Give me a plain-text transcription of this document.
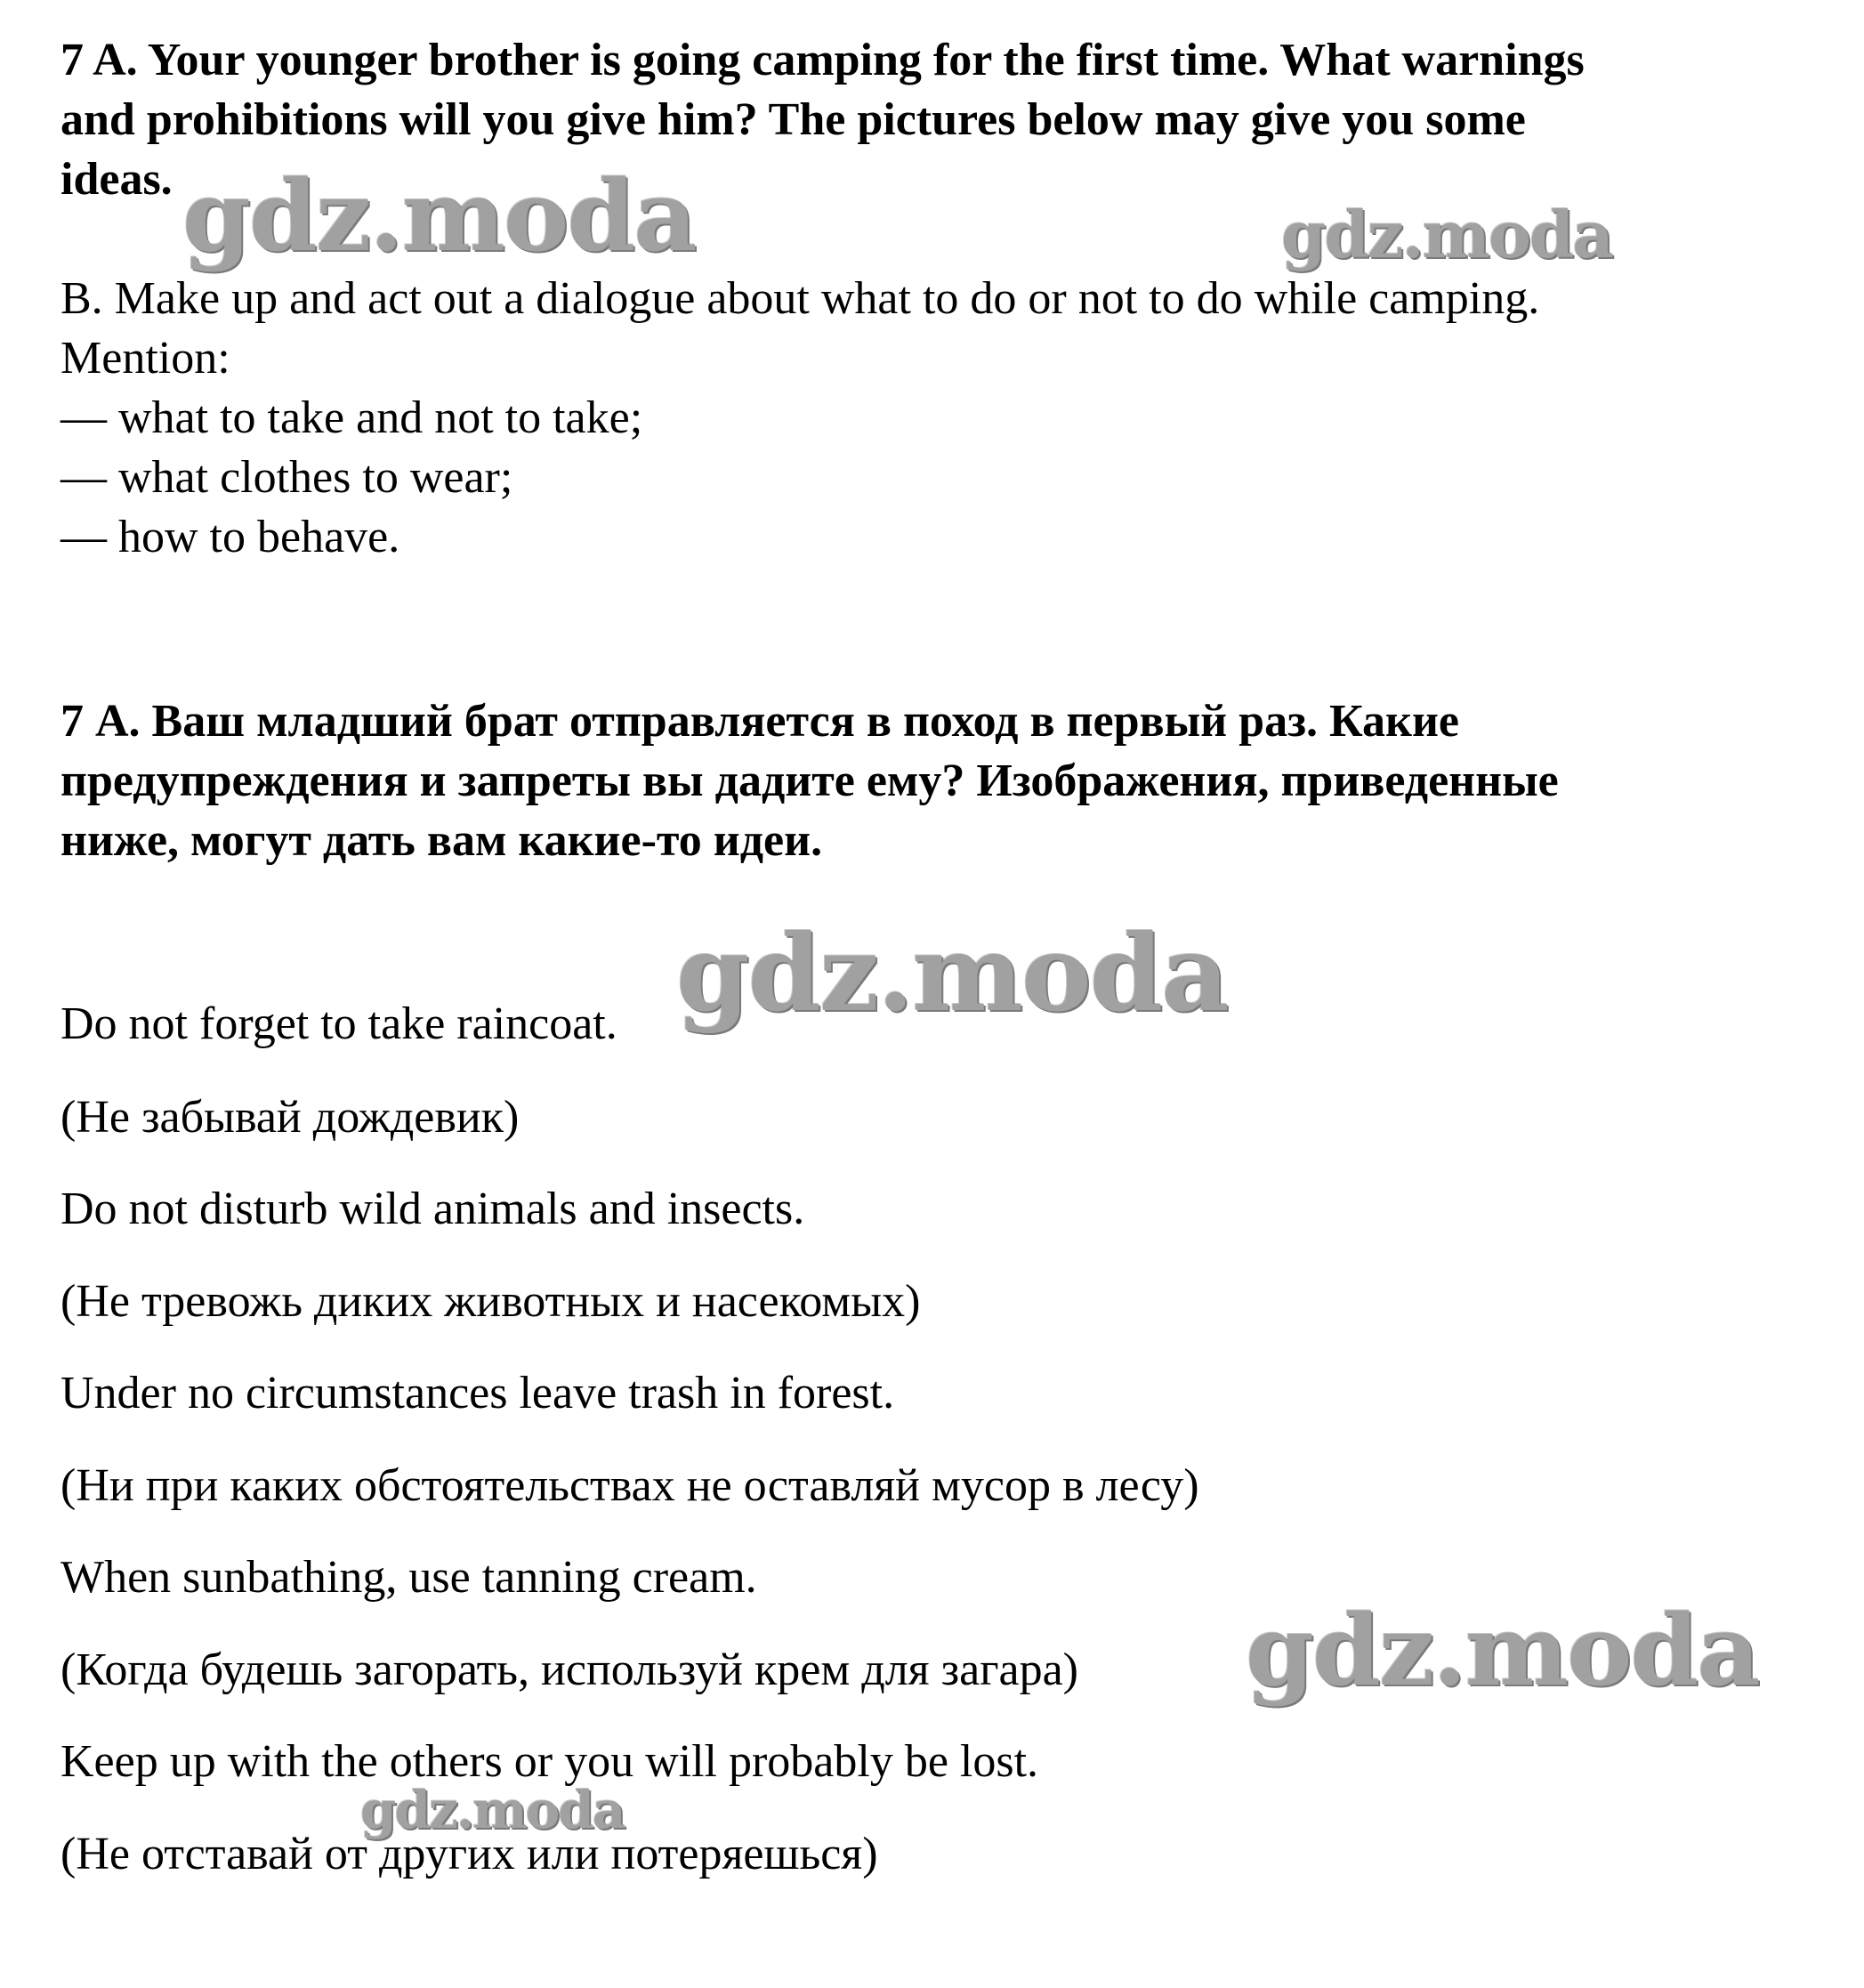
7 A. Your younger brother is going camping for the first time. What warnings
and prohibitions will you give him? The pictures below may give you some
ideas.
B. Make up and act out a dialogue about what to do or not to do while camping.
Mention:
— what to take and not to take;
— what clothes to wear;
— how to behave.
7 А. Ваш младший брат отправляется в поход в первый раз. Какие
предупреждения и запреты вы дадите ему? Изображения, приведенные
ниже, могут дать вам какие-то идеи.
Do not forget to take raincoat.
(Не забывай дождевик)
Do not disturb wild animals and insects.
(Не тревожь диких животных и насекомых)
Under no circumstances leave trash in forest.
(Ни при каких обстоятельствах не оставляй мусор в лесу)
When sunbathing, use tanning cream.
(Когда будешь загорать, используй крем для загара)
Keep up with the others or you will probably be lost.
(Не отставай от других или потеряешься)
gdz.moda	gdz.moda
gdz.moda
gdz.moda
gdz.moda
